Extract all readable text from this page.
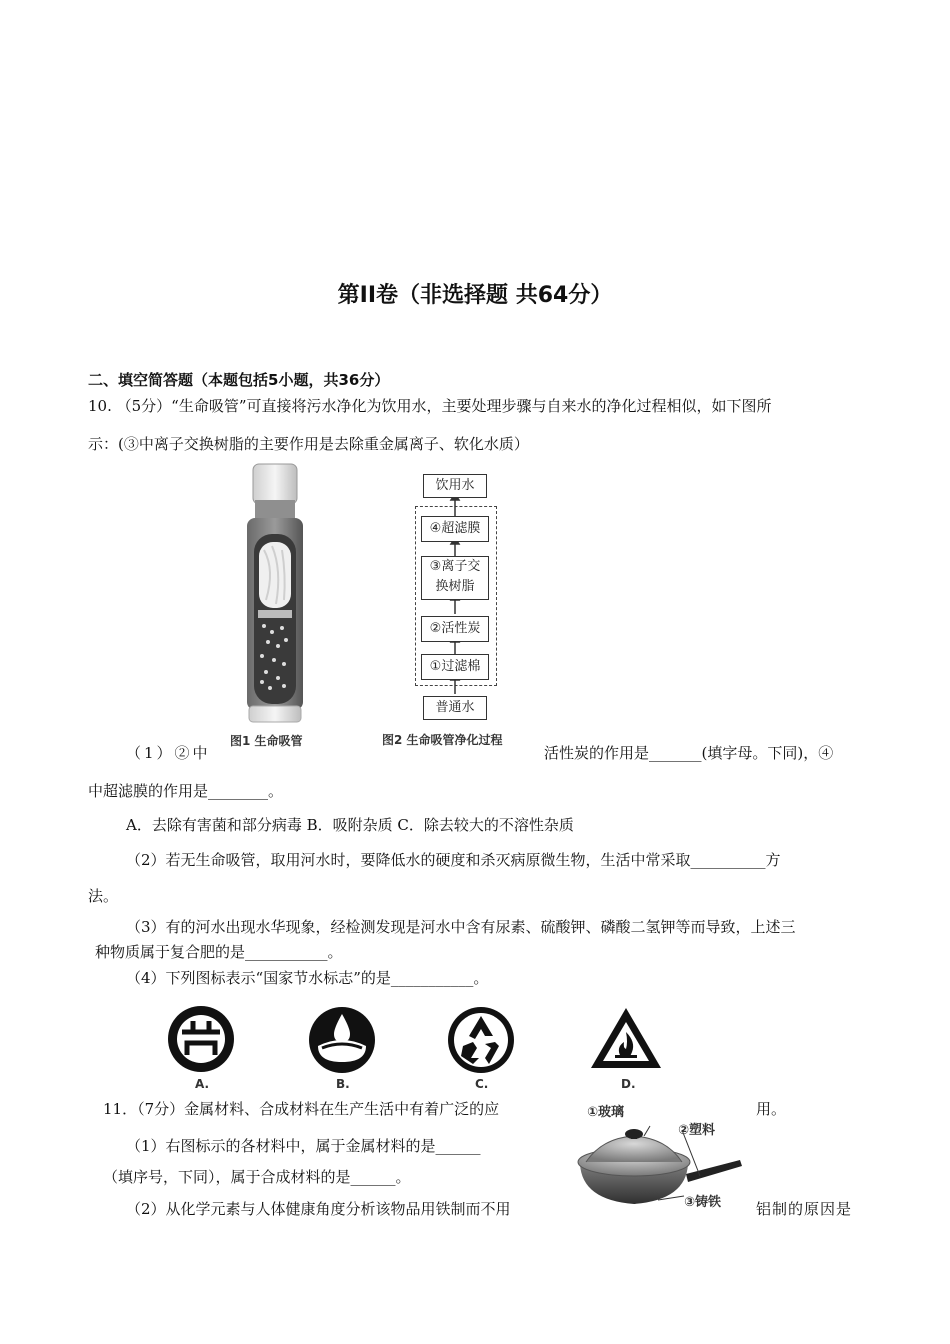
第II卷（非选择题 共64分）
二、填空简答题（本题包括5小题，共36分）
10. （5分）“生命吸管”可直接将污水净化为饮用水，主要处理步骤与自来水的净化过程相似，如下图所
示：(③中离子交换树脂的主要作用是去除重金属离子、软化水质）
图1 生命吸管
饮用水
④超滤膜
③离子交
换树脂
②活性炭
①过滤棉
普通水
图2 生命吸管净化过程
（1）②中	活性炭的作用是_______(填字母。下同)，④
中超滤膜的作用是________。
A．去除有害菌和部分病毒 B．吸附杂质 C．除去较大的不溶性杂质
（2）若无生命吸管，取用河水时，要降低水的硬度和杀灭病原微生物，生活中常采取__________方
法。
（3）有的河水出现水华现象，经检测发现是河水中含有尿素、硫酸钾、磷酸二氢钾等而导致，上述三
种物质属于复合肥的是___________。
（4）下列图标表示“国家节水标志”的是___________。
A.	B.	C.	D.
11．（7分）金属材料、合成材料在生产生活中有着广泛的应	用。
（1）右图标示的各材料中，属于金属材料的是______
（填序号，下同），属于合成材料的是______。
（2）从化学元素与人体健康角度分析该物品用铁制而不用	铝制的原因是
①玻璃
②塑料
③铸铁
